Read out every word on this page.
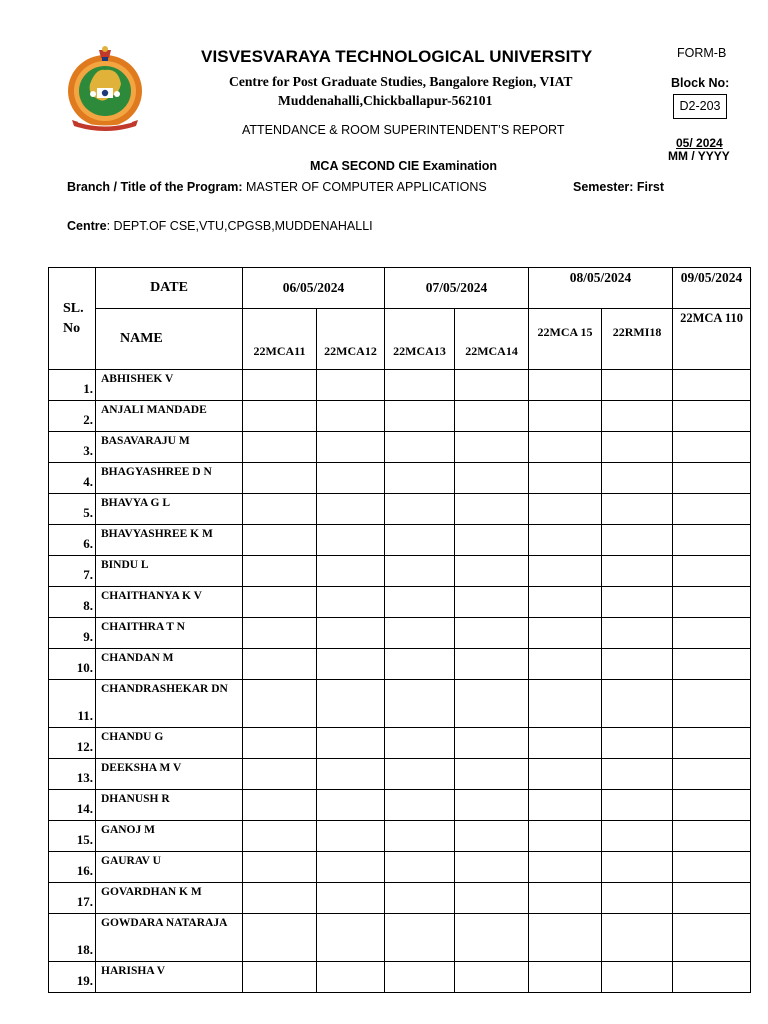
VISVESVARAYA TECHNOLOGICAL UNIVERSITY	FORM-B
Centre for Post Graduate Studies, Bangalore Region, VIAT
Muddenahalli,Chickballapur-562101
Block No:
D2-203
ATTENDANCE & ROOM SUPERINTENDENT’S REPORT
05/ 2024
MM / YYYY
MCA SECOND CIE Examination
Branch / Title of the Program: MASTER OF COMPUTER APPLICATIONS	Semester: First
Centre: DEPT.OF CSE,VTU,CPGSB,MUDDENAHALLI
SL. No	DATE	06/05/2024		07/05/2024		08/05/2024		09/05/2024
	NAME	22MCA11	22MCA12	22MCA13	22MCA14	22MCA 15	22RMI18	22MCA 110
1.	ABHISHEK V							
2.	ANJALI MANDADE							
3.	BASAVARAJU M							
4.	BHAGYASHREE D N							
5.	BHAVYA G L							
6.	BHAVYASHREE K M							
7.	BINDU L							
8.	CHAITHANYA K V							
9.	CHAITHRA T N							
10.	CHANDAN M							
11.	CHANDRASHEKAR DN							
12.	CHANDU G							
13.	DEEKSHA M V							
14.	DHANUSH R							
15.	GANOJ M							
16.	GAURAV U							
17.	GOVARDHAN K M							
18.	GOWDARA NATARAJA							
19.	HARISHA V							
